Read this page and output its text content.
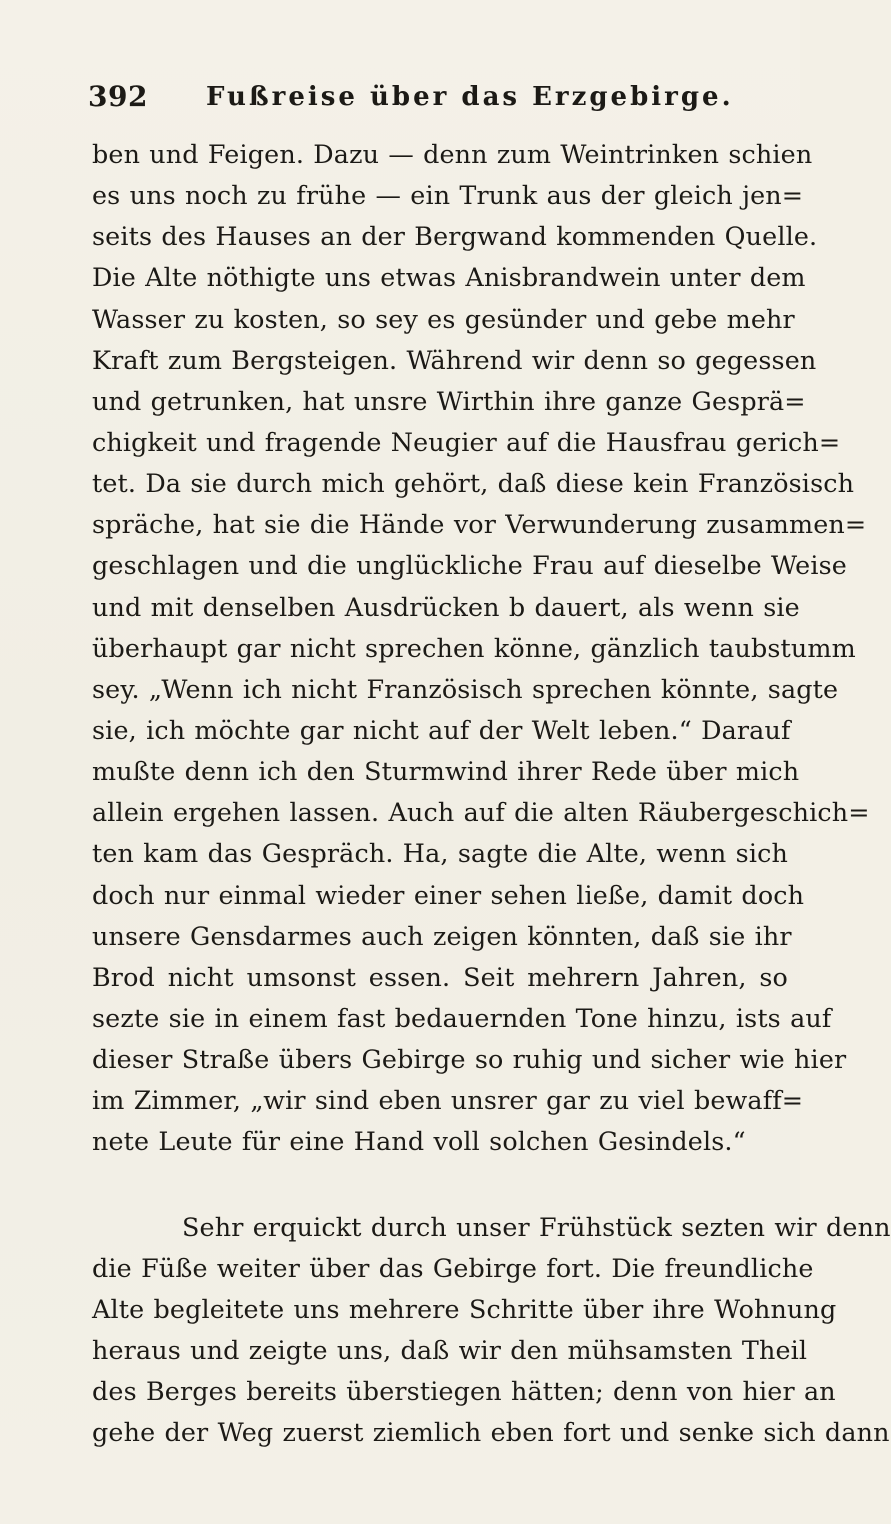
392 Fußreise über das Erzgebirge.
ben und Feigen. Dazu — denn zum Weintrinken schien
es uns noch zu frühe — ein Trunk aus der gleich jen=
seits des Hauses an der Bergwand kommenden Quelle.
Die Alte nöthigte uns etwas Anisbrandwein unter dem
Wasser zu kosten, so sey es gesünder und gebe mehr
Kraft zum Bergsteigen. Während wir denn so gegessen
und getrunken, hat unsre Wirthin ihre ganze Gesprä=
chigkeit und fragende Neugier auf die Hausfrau gerich=
tet. Da sie durch mich gehört, daß diese kein Französisch
spräche, hat sie die Hände vor Verwunderung zusammen=
geschlagen und die unglückliche Frau auf dieselbe Weise
und mit denselben Ausdrücken b dauert, als wenn sie
überhaupt gar nicht sprechen könne, gänzlich taubstumm
sey. „Wenn ich nicht Französisch sprechen könnte, sagte
sie, ich möchte gar nicht auf der Welt leben.“ Darauf
mußte denn ich den Sturmwind ihrer Rede über mich
allein ergehen lassen. Auch auf die alten Räubergeschich=
ten kam das Gespräch. Ha, sagte die Alte, wenn sich
doch nur einmal wieder einer sehen ließe, damit doch
unsere Gensdarmes auch zeigen könnten, daß sie ihr
Brod nicht umsonst essen. Seit mehrern Jahren, so
sezte sie in einem fast bedauernden Tone hinzu, ists auf
dieser Straße übers Gebirge so ruhig und sicher wie hier
im Zimmer, „wir sind eben unsrer gar zu viel bewaff=
nete Leute für eine Hand voll solchen Gesindels.“
Sehr erquickt durch unser Frühstück sezten wir denn
die Füße weiter über das Gebirge fort. Die freundliche
Alte begleitete uns mehrere Schritte über ihre Wohnung
heraus und zeigte uns, daß wir den mühsamsten Theil
des Berges bereits überstiegen hätten; denn von hier an
gehe der Weg zuerst ziemlich eben fort und senke sich dann
